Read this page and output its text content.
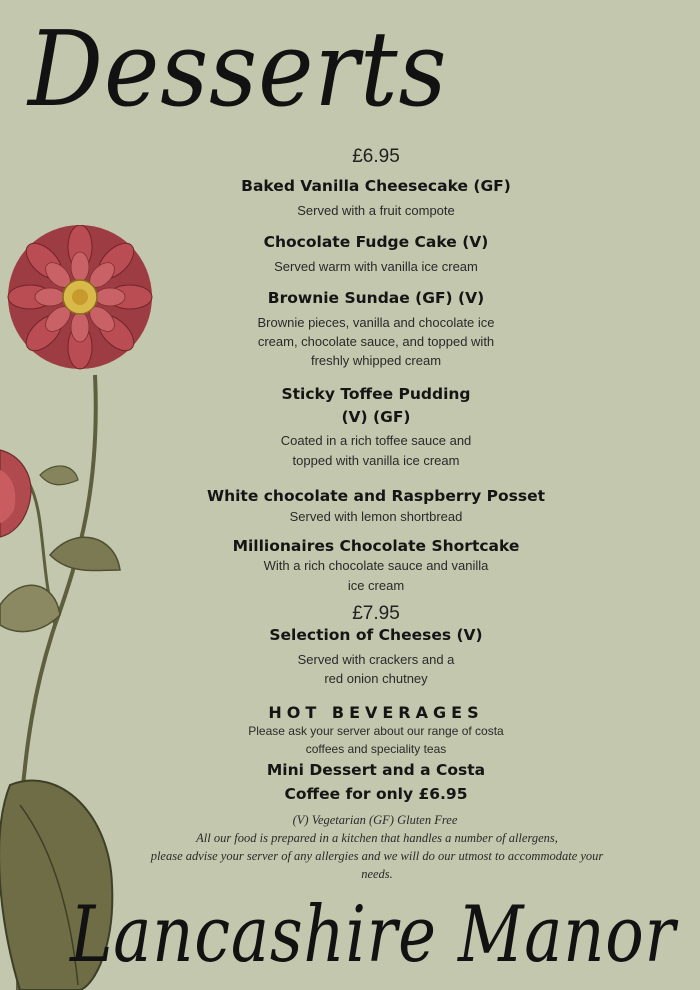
Desserts

£6.95

Baked Vanilla Cheesecake (GF)

Served with a fruit compote

Chocolate Fudge Cake (V)

Served warm with vanilla ice cream

Brownie Sundae (GF) (V)

Brownie pieces, vanilla and chocolate ice

cream, chocolate sauce, and topped with

freshly whipped cream

Sticky Toffee Pudding

(V) (GF)

Coated in a rich toffee sauce and

topped with vanilla ice cream

White chocolate and Raspberry Posset

Served with lemon shortbread

Millionaires Chocolate Shortcake

With a rich chocolate sauce and vanilla

ice cream

£7.95

Selection of Cheeses (V)

Served with crackers and a

red onion chutney

HOT BEVERAGES

Please ask your server about our range of costa

coffees and speciality teas

Mini Dessert and a Costa

Coffee for only £6.95

(V) Vegetarian (GF) Gluten Free

All our food is prepared in a kitchen that handles a number of allergens,

please advise your server of any allergies and we will do our utmost to accommodate your

needs.

Lancashire Manor
